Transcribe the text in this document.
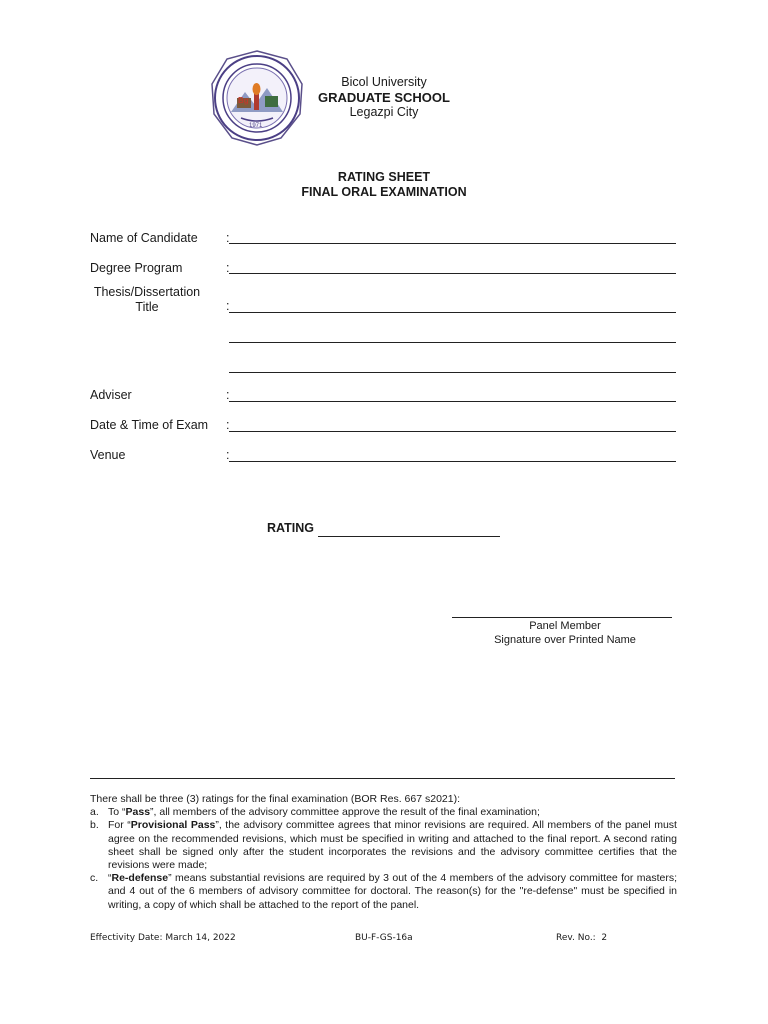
Bg
1971
Bicol University
GRADUATE SCHOOL
Legazpi City
RATING SHEET
FINAL ORAL EXAMINATION
Name of Candidate :
Degree Program	:
Thesis/Dissertation
Title	:
Adviser	:
Date & Time of Exam :
Venue	:
RATING
Panel Member
Signature over Printed Name
There shall be three (3) ratings for the final examination (BOR Res. 667 s2021):
a. To “Pass”, all members of the advisory committee approve the result of the final examination;
b. For “Provisional Pass”, the advisory committee agrees that minor revisions are required. All members of the panel must agree on the recommended revisions, which must be specified in writing and attached to the final report. A second rating sheet shall be signed only after the student incorporates the revisions and the advisory committee certifies that the revisions were made;
c. “Re-defense” means substantial revisions are required by 3 out of the 4 members of the advisory committee for masters; and 4 out of the 6 members of advisory committee for doctoral. The reason(s) for the "re-defense" must be specified in writing, a copy of which shall be attached to the report of the panel.
Effectivity Date: March 14, 2022	BU-F-GS-16a	Rev. No.:  2
